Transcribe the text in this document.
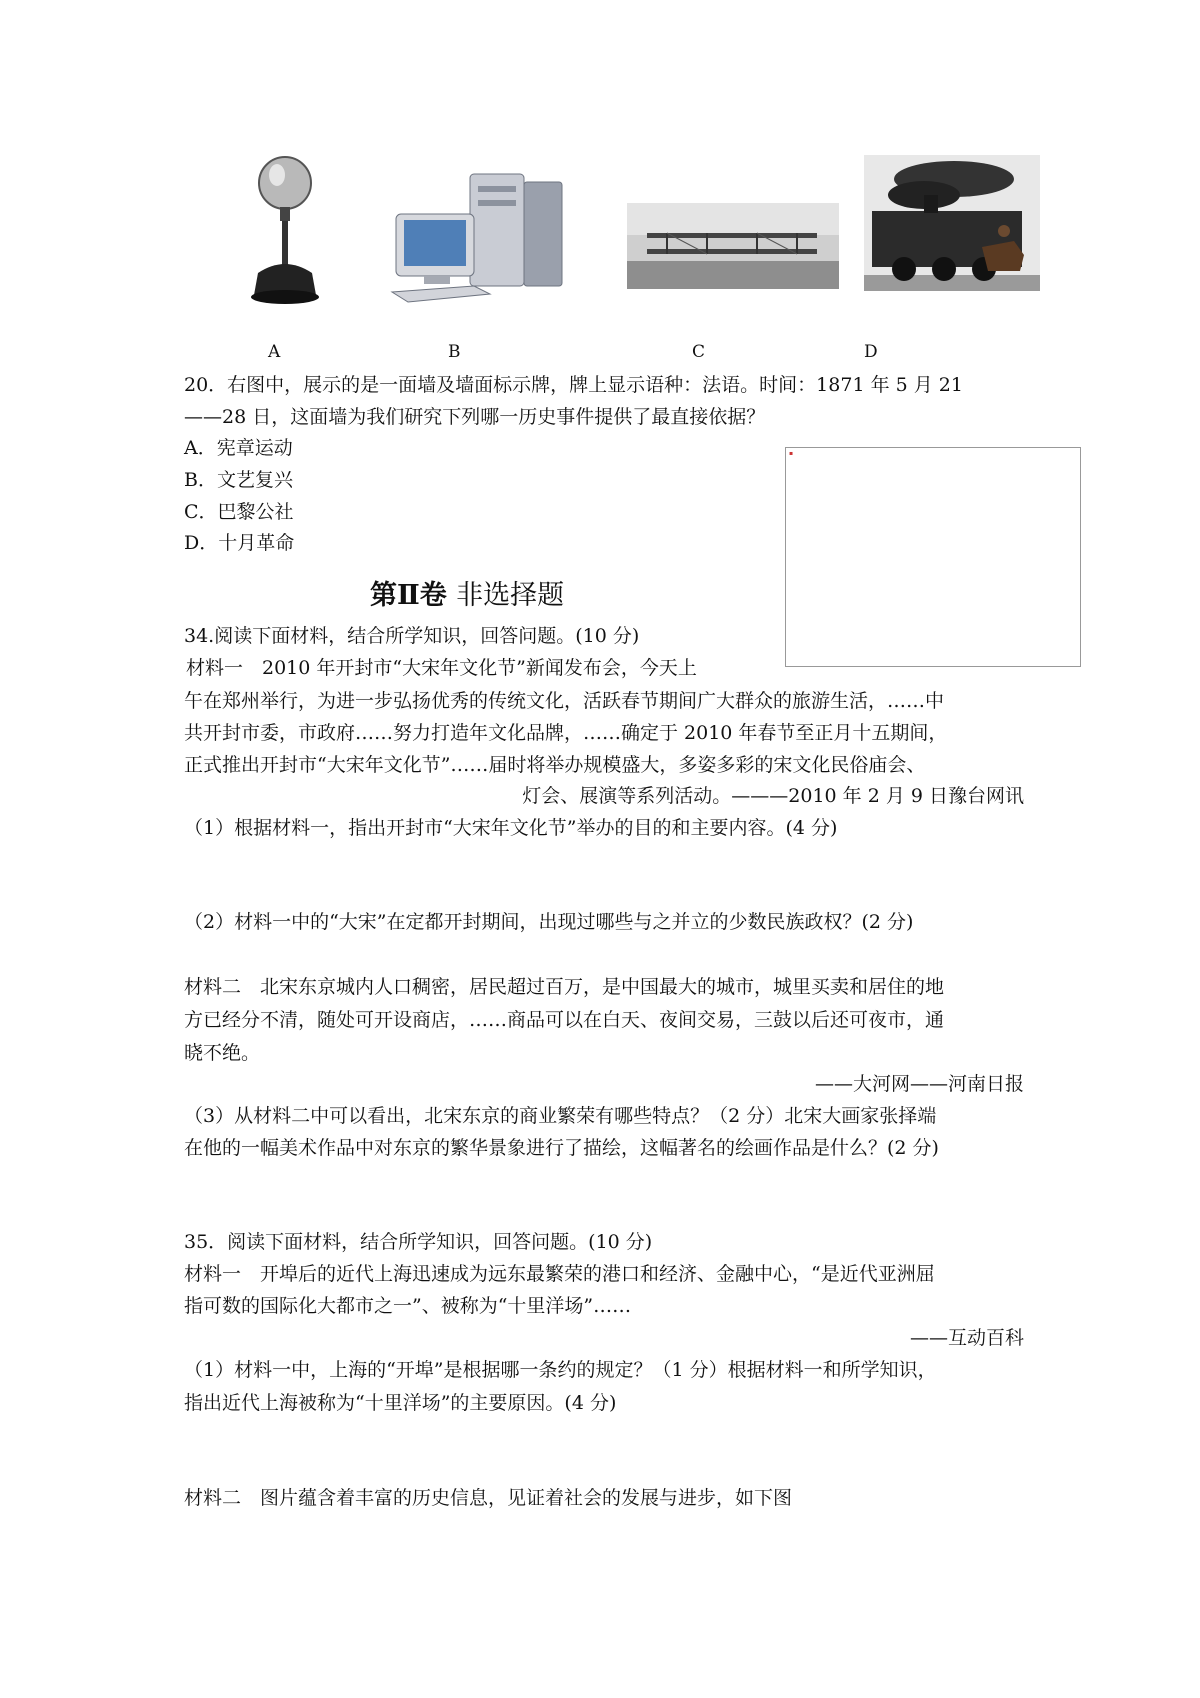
A	B	C	D
20．右图中，展示的是一面墙及墙面标示牌，牌上显示语种：法语。时间：1871 年 5 月 21
——28 日，这面墙为我们研究下列哪一历史事件提供了最直接依据？
A．宪章运动
B．文艺复兴
C．巴黎公社
D．十月革命
▪
第Ⅱ卷 非选择题
34.阅读下面材料，结合所学知识，回答问题。(10 分)
材料一　2010 年开封市“大宋年文化节”新闻发布会，今天上
午在郑州举行，为进一步弘扬优秀的传统文化，活跃春节期间广大群众的旅游生活，……中
共开封市委，市政府……努力打造年文化品牌，……确定于 2010 年春节至正月十五期间，
正式推出开封市“大宋年文化节”……届时将举办规模盛大，多姿多彩的宋文化民俗庙会、
灯会、展演等系列活动。———2010 年 2 月 9 日豫台网讯
（1）根据材料一，指出开封市“大宋年文化节”举办的目的和主要内容。(4 分)
（2）材料一中的“大宋”在定都开封期间，出现过哪些与之并立的少数民族政权？(2 分)
材料二　北宋东京城内人口稠密，居民超过百万，是中国最大的城市，城里买卖和居住的地
方已经分不清，随处可开设商店，……商品可以在白天、夜间交易，三鼓以后还可夜市，通
晓不绝。
——大河网——河南日报
（3）从材料二中可以看出，北宋东京的商业繁荣有哪些特点？（2 分）北宋大画家张择端
在他的一幅美术作品中对东京的繁华景象进行了描绘，这幅著名的绘画作品是什么？(2 分)
35．阅读下面材料，结合所学知识，回答问题。(10 分)
材料一　开埠后的近代上海迅速成为远东最繁荣的港口和经济、金融中心，“是近代亚洲屈
指可数的国际化大都市之一”、被称为“十里洋场”……
——互动百科
（1）材料一中，上海的“开埠”是根据哪一条约的规定？（1 分）根据材料一和所学知识，
指出近代上海被称为“十里洋场”的主要原因。(4 分)
材料二　图片蕴含着丰富的历史信息，见证着社会的发展与进步，如下图
